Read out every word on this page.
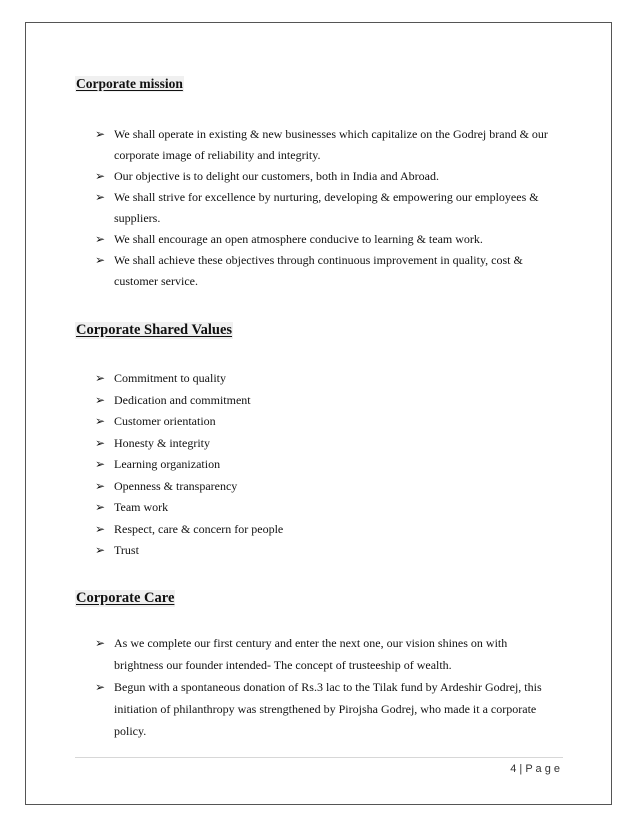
Corporate mission
➢ We shall operate in existing & new businesses which capitalize on the Godrej brand & our corporate image of reliability and integrity.
➢ Our objective is to delight our customers, both in India and Abroad.
➢ We shall strive for excellence by nurturing, developing & empowering our employees & suppliers.
➢ We shall encourage an open atmosphere conducive to learning & team work.
➢ We shall achieve these objectives through continuous improvement in quality, cost & customer service.
Corporate Shared Values
➢ Commitment to quality
➢ Dedication and commitment
➢ Customer orientation
➢ Honesty & integrity
➢ Learning organization
➢ Openness & transparency
➢ Team work
➢ Respect, care & concern for people
➢ Trust
Corporate Care
➢ As we complete our first century and enter the next one, our vision shines on with brightness our founder intended- The concept of trusteeship of wealth.
➢ Begun with a spontaneous donation of Rs.3 lac to the Tilak fund by Ardeshir Godrej, this initiation of philanthropy was strengthened by Pirojsha Godrej, who made it a corporate policy.
4 | P a g e
